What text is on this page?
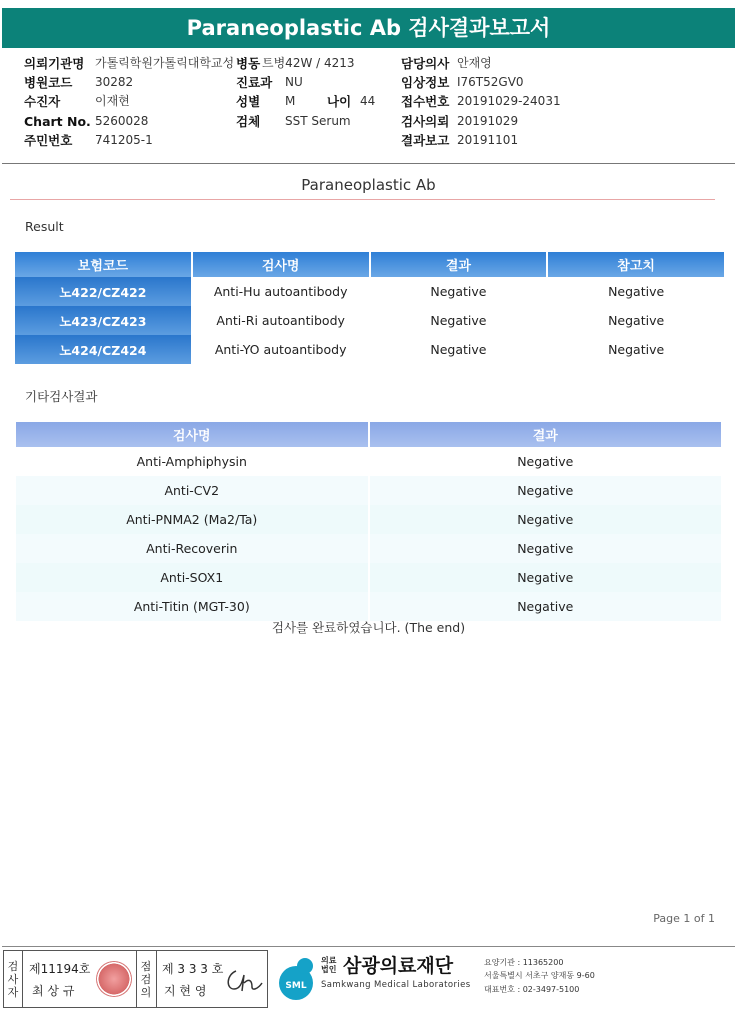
Paraneoplastic Ab 검사결과보고서
의뢰기관명 가톨릭학원가톨릭대학교성 병동 트병42W / 4213	담당의사 안재영
병원코드 30282	진료과 NU	임상정보 I76T52GV0
수진자	이재현	성별 M	나이 44 접수번호 20191029-24031
Chart No. 5260028	검체 SST Serum	검사의뢰 20191029
주민번호 741205-1	결과보고 20191101
Paraneoplastic Ab
Result
보험코드	검사명	결과	참고치
노422/CZ422	Anti-Hu autoantibody	Negative	Negative
노423/CZ423	Anti-Ri autoantibody	Negative	Negative
노424/CZ424	Anti-YO autoantibody	Negative	Negative
기타검사결과
검사명	결과
Anti-Amphiphysin	Negative
Anti-CV2	Negative
Anti-PNMA2 (Ma2/Ta)	Negative
Anti-Recoverin	Negative
Anti-SOX1	Negative
Anti-Titin (MGT-30)	Negative
검사를 완료하였습니다. (The end)
Page 1 of 1
검사자
제11194호
최 상 규
점검의
제 3 3 3 호
지 현 영	SML
의료 법인 삼광의료재단
Samkwang Medical Laboratories
요양기관 : 11365200
서울특별시 서초구 양재동 9-60
대표번호 : 02-3497-5100
